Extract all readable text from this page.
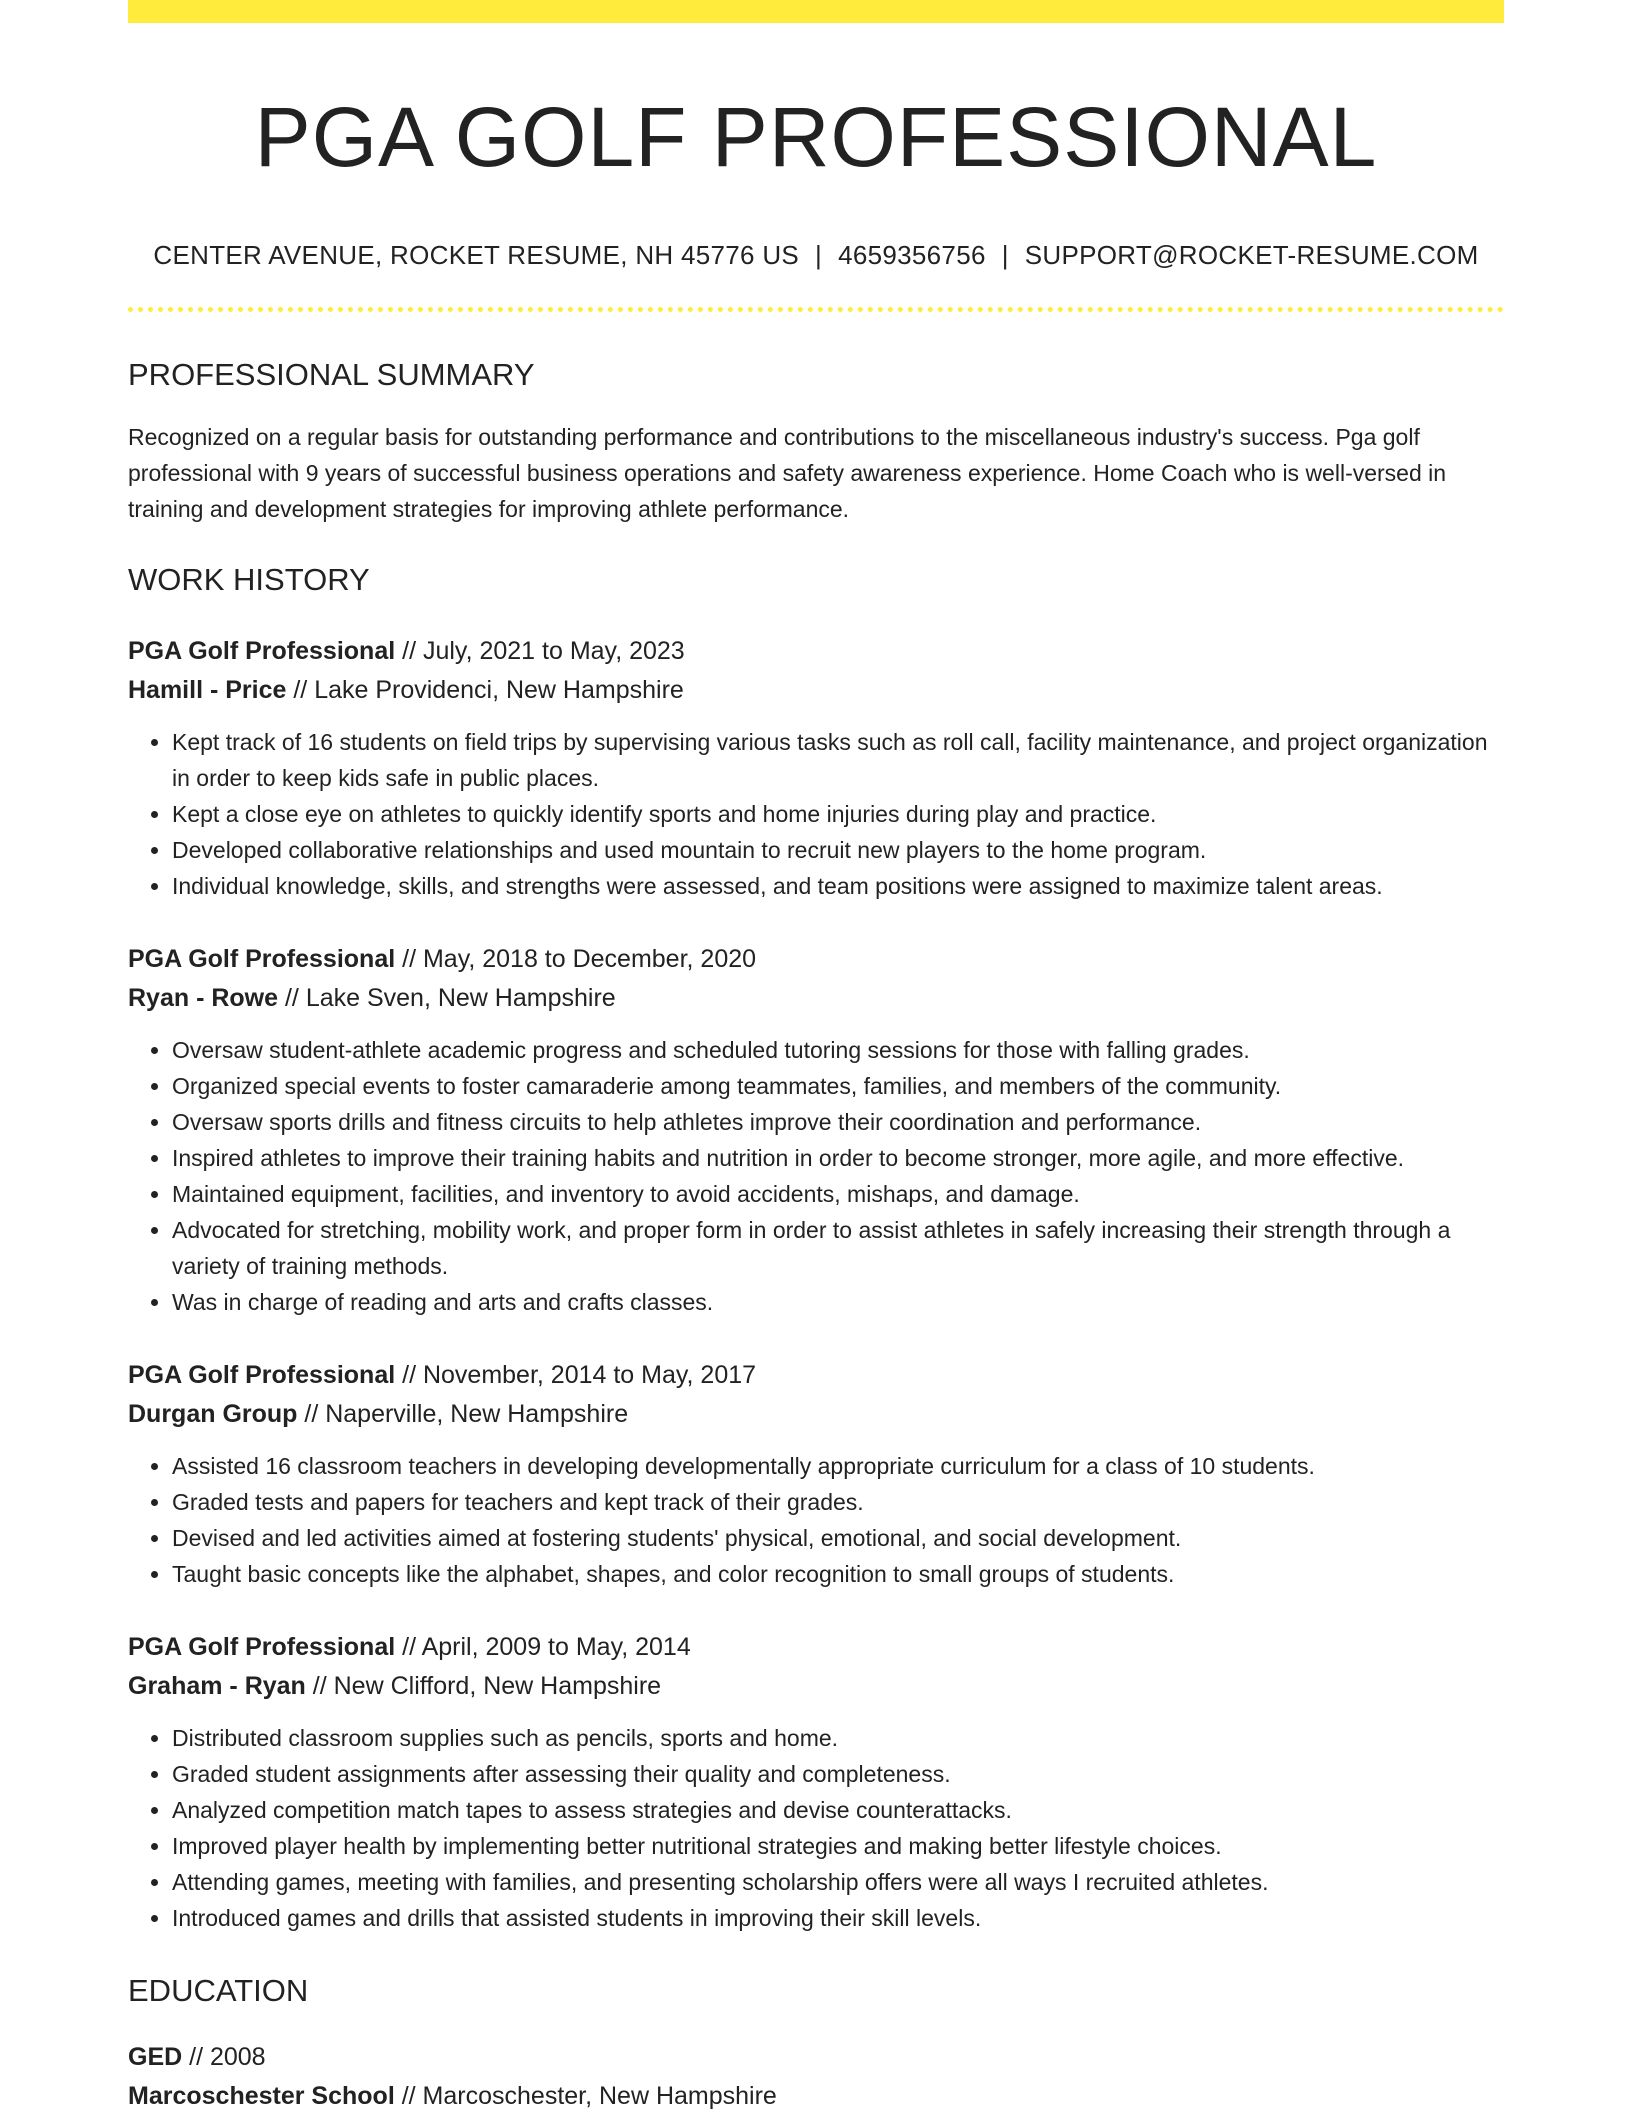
PGA GOLF PROFESSIONAL
CENTER AVENUE, ROCKET RESUME, NH 45776 US | 4659356756 | SUPPORT@ROCKET-RESUME.COM
PROFESSIONAL SUMMARY

Recognized on a regular basis for outstanding performance and contributions to the miscellaneous industry's success. Pga golf professional with 9 years of successful business operations and safety awareness experience. Home Coach who is well-versed in training and development strategies for improving athlete performance.

WORK HISTORY
PGA Golf Professional // July, 2021 to May, 2023
Hamill - Price // Lake Providenci, New Hampshire
• Kept track of 16 students on field trips by supervising various tasks such as roll call, facility maintenance, and project organization in order to keep kids safe in public places.
• Kept a close eye on athletes to quickly identify sports and home injuries during play and practice.
• Developed collaborative relationships and used mountain to recruit new players to the home program.
• Individual knowledge, skills, and strengths were assessed, and team positions were assigned to maximize talent areas.
PGA Golf Professional // May, 2018 to December, 2020
Ryan - Rowe // Lake Sven, New Hampshire
• Oversaw student-athlete academic progress and scheduled tutoring sessions for those with falling grades.
• Organized special events to foster camaraderie among teammates, families, and members of the community.
• Oversaw sports drills and fitness circuits to help athletes improve their coordination and performance.
• Inspired athletes to improve their training habits and nutrition in order to become stronger, more agile, and more effective.
• Maintained equipment, facilities, and inventory to avoid accidents, mishaps, and damage.
• Advocated for stretching, mobility work, and proper form in order to assist athletes in safely increasing their strength through a variety of training methods.
• Was in charge of reading and arts and crafts classes.
PGA Golf Professional // November, 2014 to May, 2017
Durgan Group // Naperville, New Hampshire
• Assisted 16 classroom teachers in developing developmentally appropriate curriculum for a class of 10 students.
• Graded tests and papers for teachers and kept track of their grades.
• Devised and led activities aimed at fostering students' physical, emotional, and social development.
• Taught basic concepts like the alphabet, shapes, and color recognition to small groups of students.
PGA Golf Professional // April, 2009 to May, 2014
Graham - Ryan // New Clifford, New Hampshire
• Distributed classroom supplies such as pencils, sports and home.
• Graded student assignments after assessing their quality and completeness.
• Analyzed competition match tapes to assess strategies and devise counterattacks.
• Improved player health by implementing better nutritional strategies and making better lifestyle choices.
• Attending games, meeting with families, and presenting scholarship offers were all ways I recruited athletes.
• Introduced games and drills that assisted students in improving their skill levels.
EDUCATION
GED // 2008
Marcoschester School // Marcoschester, New Hampshire
